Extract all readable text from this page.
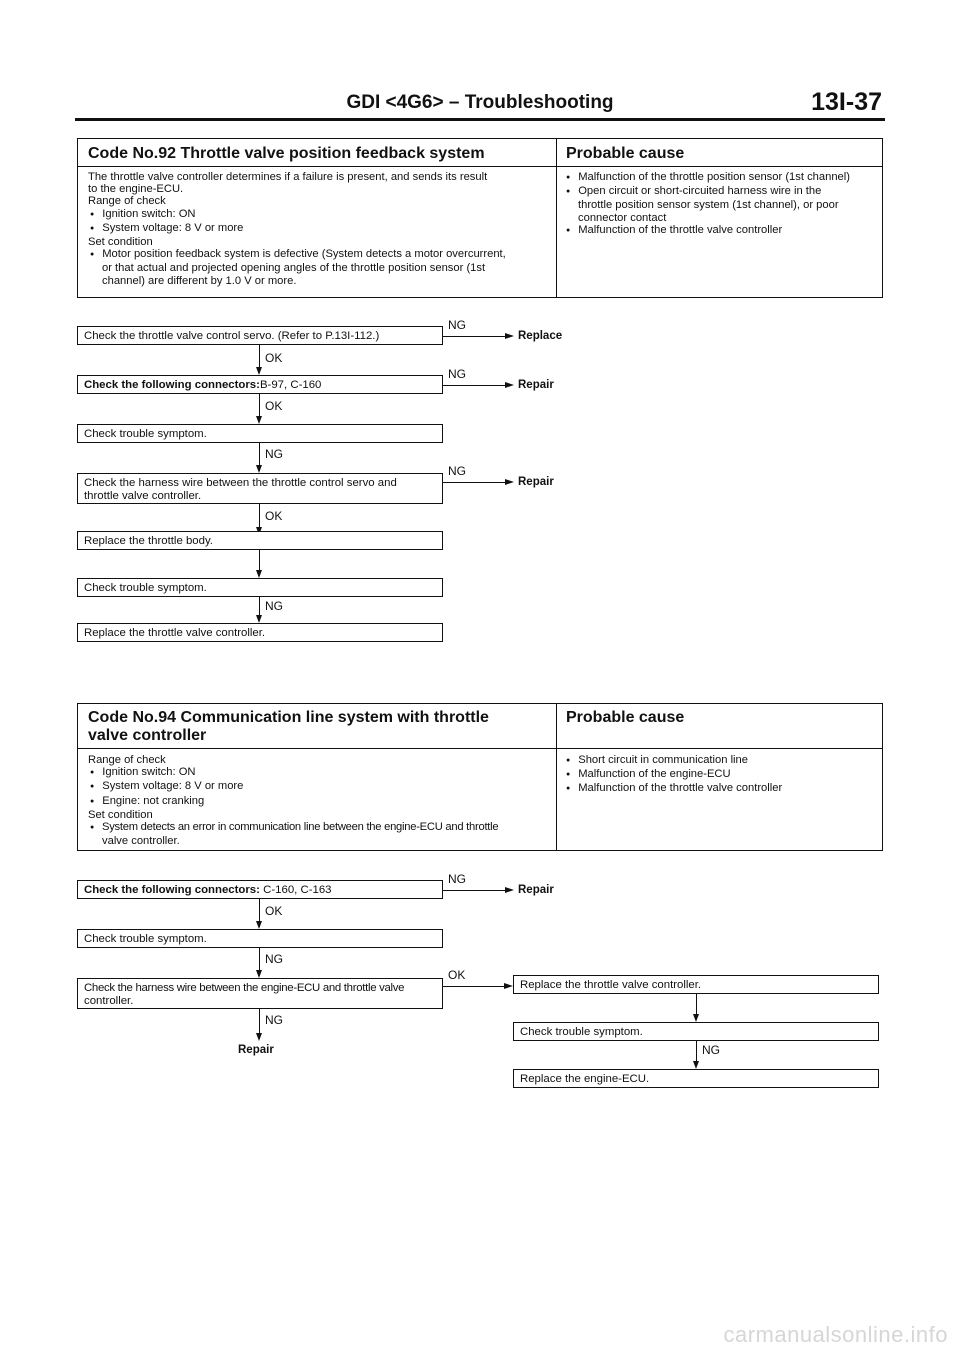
GDI <4G6> – Troubleshooting	13I-37
Code No.92 Throttle valve position feedback system	Probable cause
The throttle valve controller determines if a failure is present, and sends its result
to the engine-ECU.
Range of check
● Ignition switch: ON
● System voltage: 8 V or more
Set condition
● Motor position feedback system is defective (System detects a motor overcurrent,
or that actual and projected opening angles of the throttle position sensor (1st
channel) are different by 1.0 V or more.
● Malfunction of the throttle position sensor (1st channel)
● Open circuit or short-circuited harness wire in the
throttle position sensor system (1st channel), or poor
connector contact
● Malfunction of the throttle valve controller
Check the throttle valve control servo. (Refer to P.13I-112.)
NG
Replace
OK
Check the following connectors:B-97, C-160
NG
Repair
OK
Check trouble symptom.
NG
Check the harness wire between the throttle control servo and
throttle valve controller.
NG
Repair
OK
Replace the throttle body.
Check trouble symptom.
NG
Replace the throttle valve controller.
Code No.94 Communication line system with throttle
valve controller
Probable cause
Range of check
● Ignition switch: ON
● System voltage: 8 V or more
● Engine: not cranking
Set condition
● System detects an error in communication line between the engine-ECU and throttle
valve controller.
● Short circuit in communication line
● Malfunction of the engine-ECU
● Malfunction of the throttle valve controller
Check the following connectors: C-160, C-163
NG
Repair
OK
Check trouble symptom.
NG
Check the harness wire between the engine-ECU and throttle valve
controller.
OK
NG
Repair
Replace the throttle valve controller.
Check trouble symptom.
NG
Replace the engine-ECU.
carmanualsonline.info
